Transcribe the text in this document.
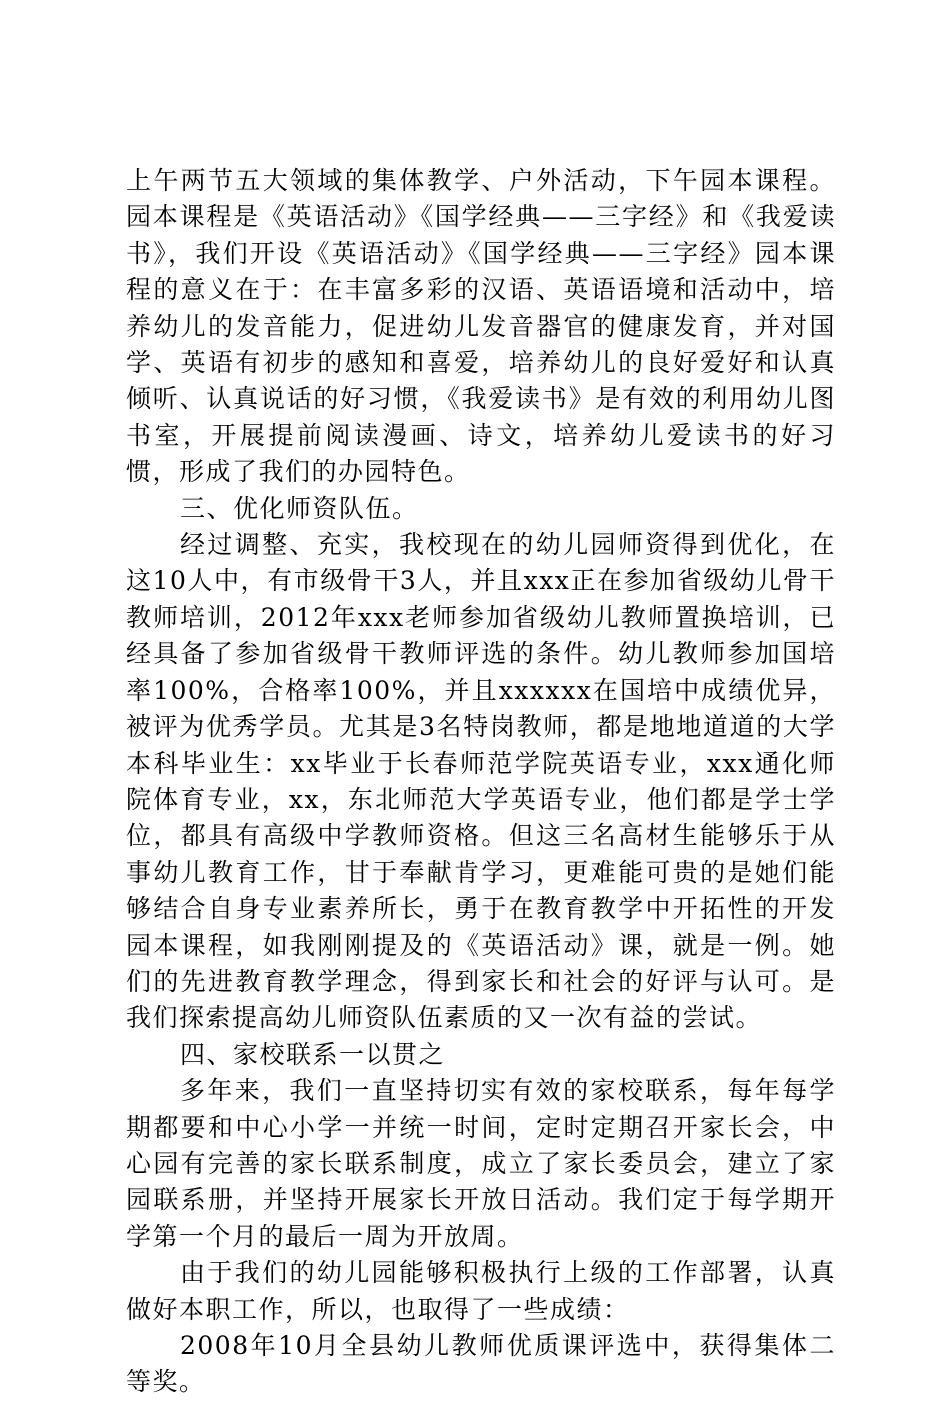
上午两节五大领域的集体教学、户外活动，下午园本课程。园本课程是《英语活动》《国学经典——三字经》和《我爱读书》，我们开设《英语活动》《国学经典——三字经》园本课程的意义在于：在丰富多彩的汉语、英语语境和活动中，培养幼儿的发音能力，促进幼儿发音器官的健康发育，并对国学、英语有初步的感知和喜爱，培养幼儿的良好爱好和认真倾听、认真说话的好习惯，《我爱读书》是有效的利用幼儿图书室，开展提前阅读漫画、诗文，培养幼儿爱读书的好习惯，形成了我们的办园特色。

三、优化师资队伍。

经过调整、充实，我校现在的幼儿园师资得到优化，在这10人中，有市级骨干3人，并且xxx正在参加省级幼儿骨干教师培训，2012年xxx老师参加省级幼儿教师置换培训，已经具备了参加省级骨干教师评选的条件。幼儿教师参加国培率100%，合格率100%，并且xxxxxx在国培中成绩优异，被评为优秀学员。尤其是3名特岗教师，都是地地道道的大学本科毕业生：xx毕业于长春师范学院英语专业，xxx通化师院体育专业，xx，东北师范大学英语专业，他们都是学士学位，都具有高级中学教师资格。但这三名高材生能够乐于从事幼儿教育工作，甘于奉献肯学习，更难能可贵的是她们能够结合自身专业素养所长，勇于在教育教学中开拓性的开发园本课程，如我刚刚提及的《英语活动》课，就是一例。她们的先进教育教学理念，得到家长和社会的好评与认可。是我们探索提高幼儿师资队伍素质的又一次有益的尝试。

四、家校联系一以贯之

多年来，我们一直坚持切实有效的家校联系，每年每学期都要和中心小学一并统一时间，定时定期召开家长会，中心园有完善的家长联系制度，成立了家长委员会，建立了家园联系册，并坚持开展家长开放日活动。我们定于每学期开学第一个月的最后一周为开放周。

由于我们的幼儿园能够积极执行上级的工作部署，认真做好本职工作，所以，也取得了一些成绩：

2008年10月全县幼儿教师优质课评选中，获得集体二等奖。
